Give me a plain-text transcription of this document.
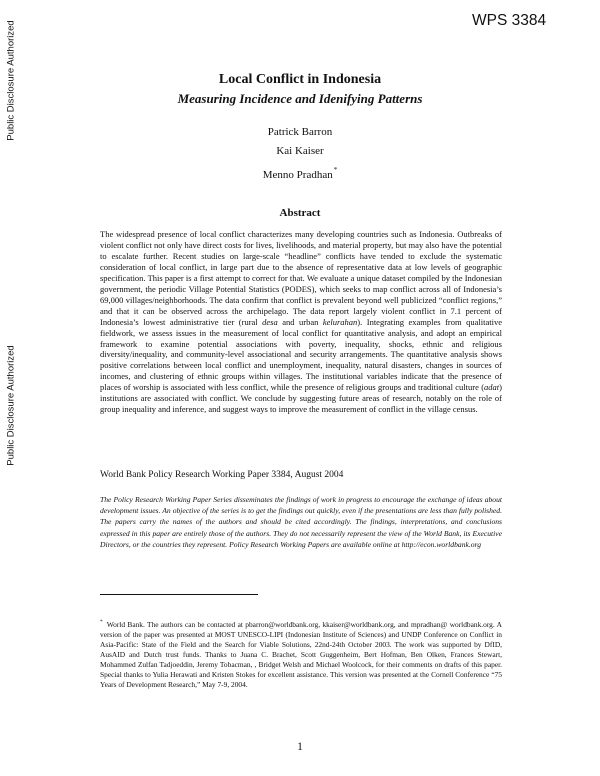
WPS 3384
Public Disclosure Authorized
Public Disclosure Authorized
Local Conflict in Indonesia
Measuring Incidence and Idenifying Patterns
Patrick Barron
Kai Kaiser
Menno Pradhan*
Abstract
The widespread presence of local conflict characterizes many developing countries such as Indonesia. Outbreaks of violent conflict not only have direct costs for lives, livelihoods, and material property, but may also have the potential to escalate further. Recent studies on large-scale “headline” conflicts have tended to exclude the systematic consideration of local conflict, in large part due to the absence of representative data at low levels of geographic specification. This paper is a first attempt to correct for that. We evaluate a unique dataset compiled by the Indonesian government, the periodic Village Potential Statistics (PODES), which seeks to map conflict across all of Indonesia’s 69,000 villages/neighborhoods. The data confirm that conflict is prevalent beyond well publicized “conflict regions,” and that it can be observed across the archipelago. The data report largely violent conflict in 7.1 percent of Indonesia’s lowest administrative tier (rural desa and urban kelurahan). Integrating examples from qualitative fieldwork, we assess issues in the measurement of local conflict for quantitative analysis, and adopt an empirical framework to examine potential associations with poverty, inequality, shocks, ethnic and religious diversity/inequality, and community-level associational and security arrangements. The quantitative analysis shows positive correlations between local conflict and unemployment, inequality, natural disasters, changes in sources of incomes, and clustering of ethnic groups within villages. The institutional variables indicate that the presence of places of worship is associated with less conflict, while the presence of religious groups and traditional culture (adat) institutions are associated with conflict. We conclude by suggesting future areas of research, notably on the role of group inequality and inference, and suggest ways to improve the measurement of conflict in the village census.
World Bank Policy Research Working Paper 3384, August 2004
The Policy Research Working Paper Series disseminates the findings of work in progress to encourage the exchange of ideas about development issues. An objective of the series is to get the findings out quickly, even if the presentations are less than fully polished. The papers carry the names of the authors and should be cited accordingly. The findings, interpretations, and conclusions expressed in this paper are entirely those of the authors. They do not necessarily represent the view of the World Bank, its Executive Directors, or the countries they represent. Policy Research Working Papers are available online at http://econ.worldbank.org
* World Bank. The authors can be contacted at pbarron@worldbank.org, kkaiser@worldbank.org, and mpradhan@ worldbank.org. A version of the paper was presented at MOST UNESCO-LIPI (Indonesian Institute of Sciences) and UNDP Conference on Conflict in Asia-Pacific: State of the Field and the Search for Viable Solutions, 22nd-24th October 2003. The work was supported by DfID, AusAID and Dutch trust funds. Thanks to Juana C. Brachet, Scott Guggenheim, Bert Hofman, Ben Olken, Frances Stewart, Mohammed Zulfan Tadjoeddin, Jeremy Tobacman, , Bridget Welsh and Michael Woolcock, for their comments on drafts of this paper. Special thanks to Yulia Herawati and Kristen Stokes for excellent assistance. This version was presented at the Cornell Conference “75 Years of Development Research,” May 7-9, 2004.
1
